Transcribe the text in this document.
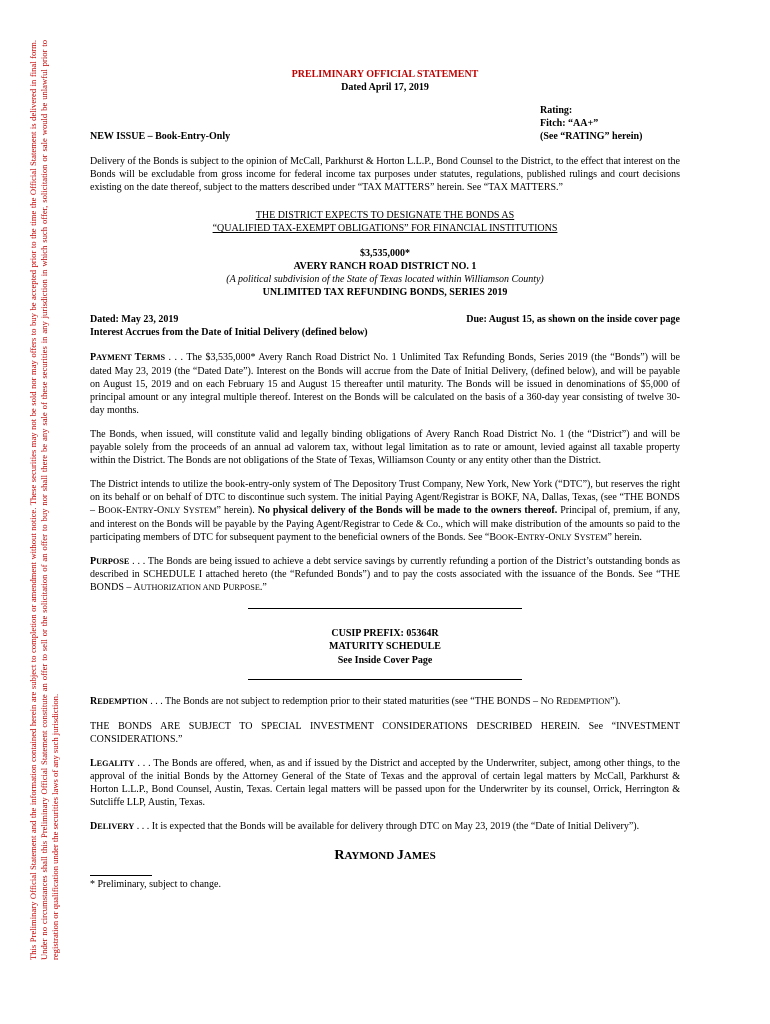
This Preliminary Official Statement and the information contained herein are subject to completion or amendment without notice. These securities may not be sold nor may offers to buy be accepted prior to the time the Official Statement is delivered in final form. Under no circumstances shall this Preliminary Official Statement constitute an offer to sell or the solicitation of an offer to buy nor shall there be any sale of these securities in any jurisdiction in which such offer, solicitation or sale would be unlawful prior to registration or qualification under the securities laws of any such jurisdiction.
PRELIMINARY OFFICIAL STATEMENT
Dated April 17, 2019
NEW ISSUE – Book-Entry-Only
Rating:
Fitch: “AA+”
(See “RATING” herein)

Delivery of the Bonds is subject to the opinion of McCall, Parkhurst & Horton L.L.P., Bond Counsel to the District, to the effect that interest on the Bonds will be excludable from gross income for federal income tax purposes under statutes, regulations, published rulings and court decisions existing on the date thereof, subject to the matters described under “TAX MATTERS” herein. See “TAX MATTERS.”

THE DISTRICT EXPECTS TO DESIGNATE THE BONDS AS
“QUALIFIED TAX-EXEMPT OBLIGATIONS” FOR FINANCIAL INSTITUTIONS
$3,535,000*
AVERY RANCH ROAD DISTRICT NO. 1
(A political subdivision of the State of Texas located within Williamson County)
UNLIMITED TAX REFUNDING BONDS, SERIES 2019
Dated: May 23, 2019	Due: August 15, as shown on the inside cover page
Interest Accrues from the Date of Initial Delivery (defined below)

PAYMENT TERMS . . . The $3,535,000* Avery Ranch Road District No. 1 Unlimited Tax Refunding Bonds, Series 2019 (the “Bonds”) will be dated May 23, 2019 (the “Dated Date”). Interest on the Bonds will accrue from the Date of Initial Delivery, (defined below), and will be payable on August 15, 2019 and on each February 15 and August 15 thereafter until maturity. The Bonds will be issued in denominations of $5,000 of principal amount or any integral multiple thereof. Interest on the Bonds will be calculated on the basis of a 360-day year consisting of twelve 30-day months.

The Bonds, when issued, will constitute valid and legally binding obligations of Avery Ranch Road District No. 1 (the “District”) and will be payable solely from the proceeds of an annual ad valorem tax, without legal limitation as to rate or amount, levied against all taxable property within the District. The Bonds are not obligations of the State of Texas, Williamson County or any entity other than the District.

The District intends to utilize the book-entry-only system of The Depository Trust Company, New York, New York (“DTC”), but reserves the right on its behalf or on behalf of DTC to discontinue such system. The initial Paying Agent/Registrar is BOKF, NA, Dallas, Texas, (see “THE BONDS – BOOK-ENTRY-ONLY SYSTEM” herein). No physical delivery of the Bonds will be made to the owners thereof. Principal of, premium, if any, and interest on the Bonds will be payable by the Paying Agent/Registrar to Cede & Co., which will make distribution of the amounts so paid to the participating members of DTC for subsequent payment to the beneficial owners of the Bonds. See “BOOK-ENTRY-ONLY SYSTEM” herein.

PURPOSE . . . The Bonds are being issued to achieve a debt service savings by currently refunding a portion of the District’s outstanding bonds as described in SCHEDULE I attached hereto (the “Refunded Bonds”) and to pay the costs associated with the issuance of the Bonds. See “THE BONDS – AUTHORIZATION AND PURPOSE.”

CUSIP PREFIX: 05364R
MATURITY SCHEDULE
See Inside Cover Page

REDEMPTION . . . The Bonds are not subject to redemption prior to their stated maturities (see “THE BONDS – NO REDEMPTION”).

THE BONDS ARE SUBJECT TO SPECIAL INVESTMENT CONSIDERATIONS DESCRIBED HEREIN. See “INVESTMENT CONSIDERATIONS.”

LEGALITY . . . The Bonds are offered, when, as and if issued by the District and accepted by the Underwriter, subject, among other things, to the approval of the initial Bonds by the Attorney General of the State of Texas and the approval of certain legal matters by McCall, Parkhurst & Horton L.L.P., Bond Counsel, Austin, Texas. Certain legal matters will be passed upon for the Underwriter by its counsel, Orrick, Herrington & Sutcliffe LLP, Austin, Texas.

DELIVERY . . . It is expected that the Bonds will be available for delivery through DTC on May 23, 2019 (the “Date of Initial Delivery”).

RAYMOND JAMES
* Preliminary, subject to change.
